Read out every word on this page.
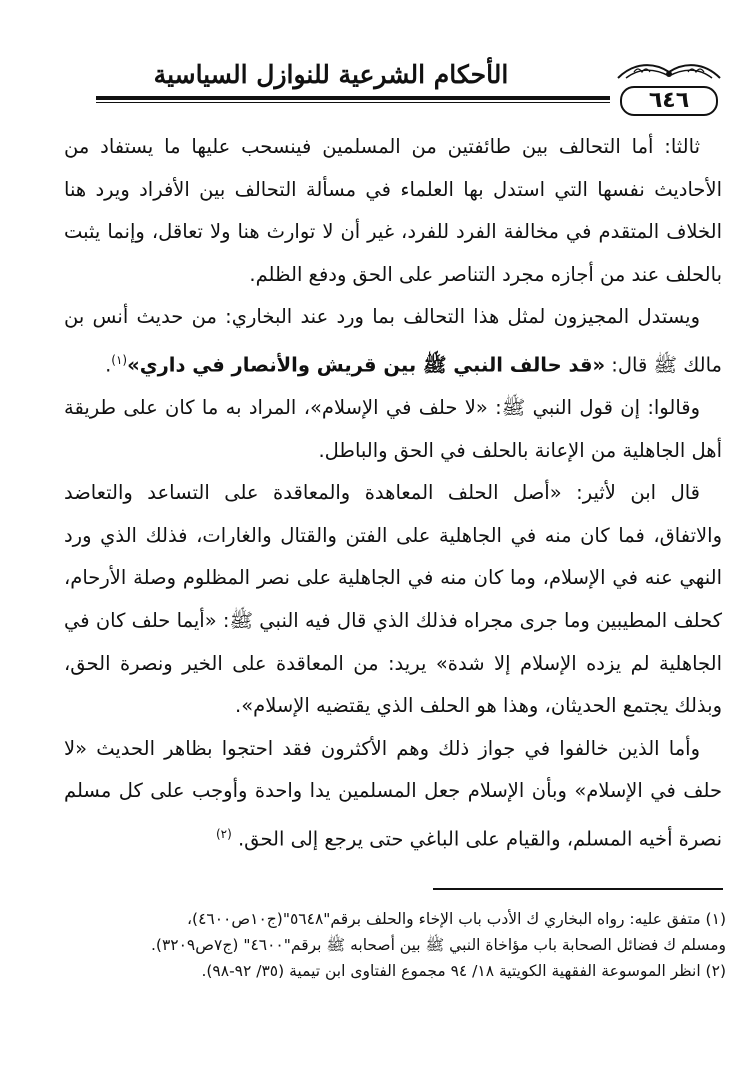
الأحكام الشرعية للنوازل السياسية
٦٤٦

ثالثا: أما التحالف بين طائفتين من المسلمين فينسحب عليها ما يستفاد من الأحاديث نفسها التي استدل بها العلماء في مسألة التحالف بين الأفراد ويرد هنا الخلاف المتقدم في مخالفة الفرد للفرد، غير أن لا توارث هنا ولا تعاقل، وإنما يثبت بالحلف عند من أجازه مجرد التناصر على الحق ودفع الظلم.

ويستدل المجيزون لمثل هذا التحالف بما ورد عند البخاري: من حديث أنس بن مالك ﷺ قال: «قد حالف النبي ﷺ بين قريش والأنصار في داري»$^{(١)}$.

وقالوا: إن قول النبي ﷺ: «لا حلف في الإسلام»، المراد به ما كان على طريقة أهل الجاهلية من الإعانة بالحلف في الحق والباطل.

قال ابن لأثير: «أصل الحلف المعاهدة والمعاقدة على التساعد والتعاضد والاتفاق، فما كان منه في الجاهلية على الفتن والقتال والغارات، فذلك الذي ورد النهي عنه في الإسلام، وما كان منه في الجاهلية على نصر المظلوم وصلة الأرحام، كحلف المطيبين وما جرى مجراه فذلك الذي قال فيه النبي ﷺ: «أيما حلف كان في الجاهلية لم يزده الإسلام إلا شدة» يريد: من المعاقدة على الخير ونصرة الحق، وبذلك يجتمع الحديثان، وهذا هو الحلف الذي يقتضيه الإسلام».

وأما الذين خالفوا في جواز ذلك وهم الأكثرون فقد احتجوا بظاهر الحديث «لا حلف في الإسلام» وبأن الإسلام جعل المسلمين يدا واحدة وأوجب على كل مسلم نصرة أخيه المسلم، والقيام على الباغي حتى يرجع إلى الحق. $^{(٢)}$

(١) متفق عليه: رواه البخاري ك الأدب باب الإخاء والحلف برقم"٥٦٤٨"(ج١٠ص٤٦٠٠)،

ومسلم ك فضائل الصحابة باب مؤاخاة النبي ﷺ بين أصحابه ﷺ برقم"٤٦٠٠" (ج٧ص٣٢٠٩).

(٢) انظر الموسوعة الفقهية الكويتية ١٨/ ٩٤ مجموع الفتاوى ابن تيمية (٣٥/ ٩٢-٩٨).
